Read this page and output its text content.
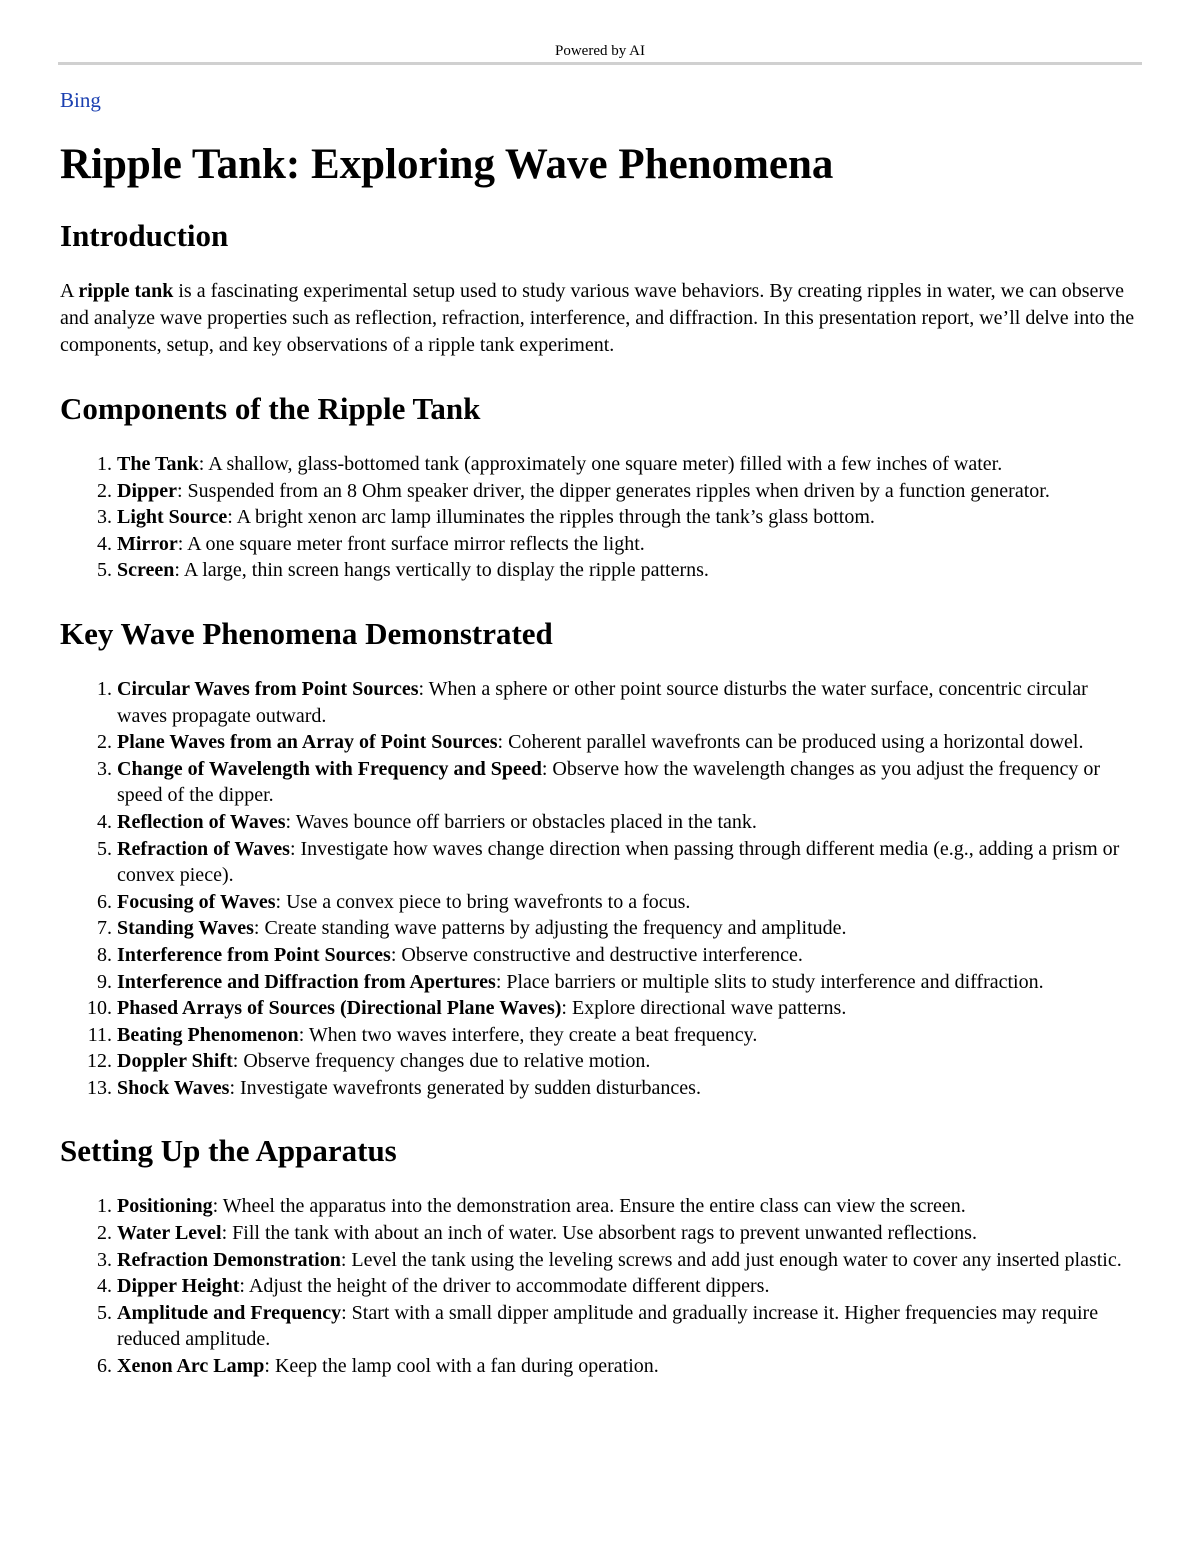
Powered by AI
Bing
Ripple Tank: Exploring Wave Phenomena
Introduction

A ripple tank is a fascinating experimental setup used to study various wave behaviors. By creating ripples in water, we can observe and analyze wave properties such as reflection, refraction, interference, and diffraction. In this presentation report, we’ll delve into the components, setup, and key observations of a ripple tank experiment.

Components of the Ripple Tank
1. The Tank: A shallow, glass-bottomed tank (approximately one square meter) filled with a few inches of water.
2. Dipper: Suspended from an 8 Ohm speaker driver, the dipper generates ripples when driven by a function generator.
3. Light Source: A bright xenon arc lamp illuminates the ripples through the tank’s glass bottom.
4. Mirror: A one square meter front surface mirror reflects the light.
5. Screen: A large, thin screen hangs vertically to display the ripple patterns.
Key Wave Phenomena Demonstrated
1. Circular Waves from Point Sources: When a sphere or other point source disturbs the water surface, concentric circular waves propagate outward.
2. Plane Waves from an Array of Point Sources: Coherent parallel wavefronts can be produced using a horizontal dowel.
3. Change of Wavelength with Frequency and Speed: Observe how the wavelength changes as you adjust the frequency or speed of the dipper.
4. Reflection of Waves: Waves bounce off barriers or obstacles placed in the tank.
5. Refraction of Waves: Investigate how waves change direction when passing through different media (e.g., adding a prism or convex piece).
6. Focusing of Waves: Use a convex piece to bring wavefronts to a focus.
7. Standing Waves: Create standing wave patterns by adjusting the frequency and amplitude.
8. Interference from Point Sources: Observe constructive and destructive interference.
9. Interference and Diffraction from Apertures: Place barriers or multiple slits to study interference and diffraction.
10. Phased Arrays of Sources (Directional Plane Waves): Explore directional wave patterns.
11. Beating Phenomenon: When two waves interfere, they create a beat frequency.
12. Doppler Shift: Observe frequency changes due to relative motion.
13. Shock Waves: Investigate wavefronts generated by sudden disturbances.
Setting Up the Apparatus
1. Positioning: Wheel the apparatus into the demonstration area. Ensure the entire class can view the screen.
2. Water Level: Fill the tank with about an inch of water. Use absorbent rags to prevent unwanted reflections.
3. Refraction Demonstration: Level the tank using the leveling screws and add just enough water to cover any inserted plastic.
4. Dipper Height: Adjust the height of the driver to accommodate different dippers.
5. Amplitude and Frequency: Start with a small dipper amplitude and gradually increase it. Higher frequencies may require reduced amplitude.
6. Xenon Arc Lamp: Keep the lamp cool with a fan during operation.
